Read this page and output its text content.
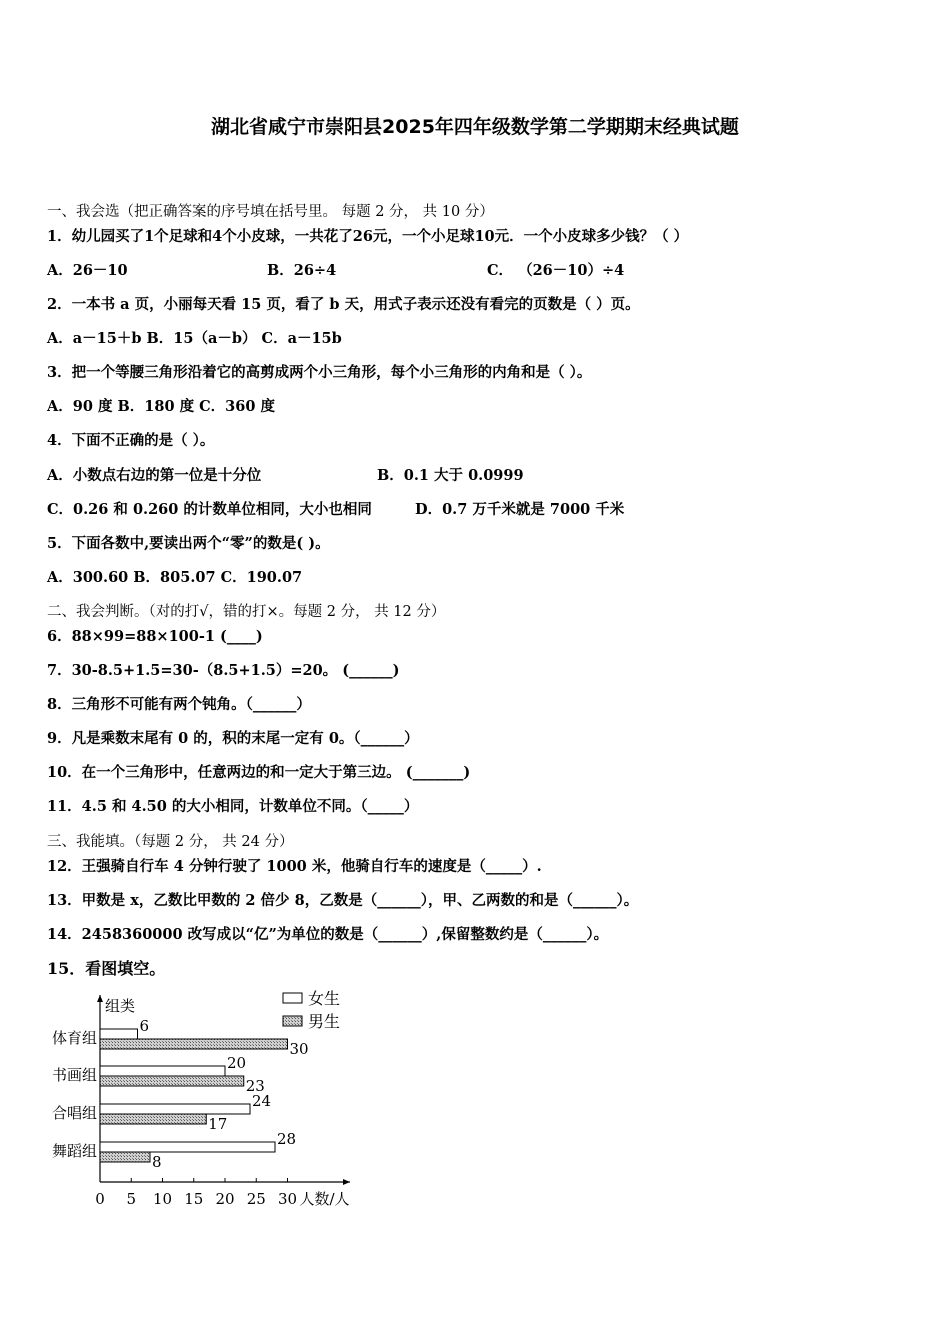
湖北省咸宁市崇阳县2025年四年级数学第二学期期末经典试题
一、我会选（把正确答案的序号填在括号里。 每题 2 分， 共 10 分）
1．幼儿园买了1个足球和4个小皮球，一共花了26元，一个小足球10元．一个小皮球多少钱？（ ）
A．26－10	B．26÷4	C． （26－10）÷4
2．一本书 a 页，小丽每天看 15 页，看了 b 天，用式子表示还没有看完的页数是（ ）页。
A．a－15＋b B．15（a－b） C．a－15b
3．把一个等腰三角形沿着它的高剪成两个小三角形，每个小三角形的内角和是（ ）。
A．90 度 B．180 度 C．360 度
4．下面不正确的是（ ）。
A．小数点右边的第一位是十分位	B．0.1 大于 0.0999
C．0.26 和 0.260 的计数单位相同，大小也相同	D．0.7 万千米就是 7000 千米
5．下面各数中,要读出两个“零”的数是( )。
A．300.60 B．805.07 C．190.07
二、我会判断。（对的打√，错的打×。每题 2 分， 共 12 分）
6．88×99=88×100-1 (____)
7．30-8.5+1.5=30-（8.5+1.5）=20。 (______)
8．三角形不可能有两个钝角。（______）
9．凡是乘数末尾有 0 的，积的末尾一定有 0。（______）
10．在一个三角形中，任意两边的和一定大于第三边。 (_______)
11．4.5 和 4.50 的大小相同，计数单位不同。（_____）
三、我能填。（每题 2 分， 共 24 分）
12．王强骑自行车 4 分钟行驶了 1000 米，他骑自行车的速度是（_____）.
13．甲数是 x，乙数比甲数的 2 倍少 8，乙数是（______），甲、乙两数的和是（______）。
14．2458360000 改写成以“亿”为单位的数是（______）,保留整数约是（______）。
15．看图填空。
组类
0 5 10 15 20 25 30 人数/人
体育组
6
30
书画组
20
23
合唱组
24
17
舞蹈组
28
8
女生
男生
